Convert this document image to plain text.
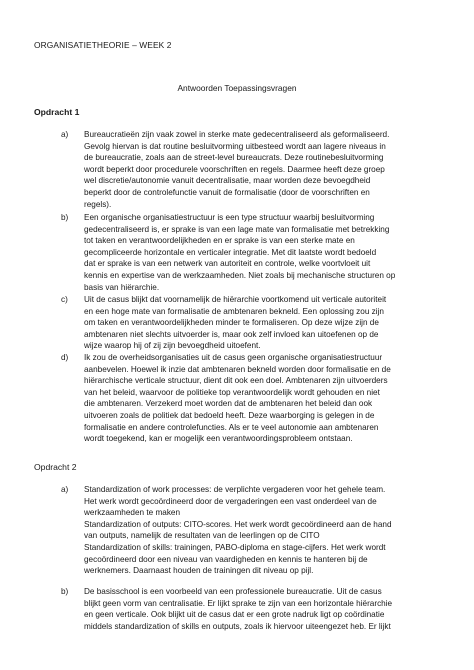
ORGANISATIETHEORIE – WEEK 2
Antwoorden Toepassingsvragen
Opdracht 1
a) Bureaucratieën zijn vaak zowel in sterke mate gedecentraliseerd als geformaliseerd.
Gevolg hiervan is dat routine besluitvorming uitbesteed wordt aan lagere niveaus in
de bureaucratie, zoals aan de street-level bureaucrats. Deze routinebesluitvorming
wordt beperkt door procedurele voorschriften en regels. Daarmee heeft deze groep
wel discretie/autonomie vanuit decentralisatie, maar worden deze bevoegdheid
beperkt door de controlefunctie vanuit de formalisatie (door de voorschriften en
regels).
b) Een organische organisatiestructuur is een type structuur waarbij besluitvorming
gedecentraliseerd is, er sprake is van een lage mate van formalisatie met betrekking
tot taken en verantwoordelijkheden en er sprake is van een sterke mate en
gecompliceerde horizontale en verticaler integratie. Met dit laatste wordt bedoeld
dat er sprake is van een netwerk van autoriteit en controle, welke voortvloeit uit
kennis en expertise van de werkzaamheden. Niet zoals bij mechanische structuren op
basis van hiërarchie.
c) Uit de casus blijkt dat voornamelijk de hiërarchie voortkomend uit verticale autoriteit
en een hoge mate van formalisatie de ambtenaren bekneld. Een oplossing zou zijn
om taken en verantwoordelijkheden minder te formaliseren. Op deze wijze zijn de
ambtenaren niet slechts uitvoerder is, maar ook zelf invloed kan uitoefenen op de
wijze waarop hij of zij zijn bevoegdheid uitoefent.
d) Ik zou de overheidsorganisaties uit de casus geen organische organisatiestructuur
aanbevelen. Hoewel ik inzie dat ambtenaren bekneld worden door formalisatie en de
hiërarchische verticale structuur, dient dit ook een doel. Ambtenaren zijn uitvoerders
van het beleid, waarvoor de politieke top verantwoordelijk wordt gehouden en niet
die ambtenaren. Verzekerd moet worden dat de ambtenaren het beleid dan ook
uitvoeren zoals de politiek dat bedoeld heeft. Deze waarborging is gelegen in de
formalisatie en andere controlefuncties. Als er te veel autonomie aan ambtenaren
wordt toegekend, kan er mogelijk een verantwoordingsprobleem ontstaan.
Opdracht 2
a) Standardization of work processes: de verplichte vergaderen voor het gehele team.
Het werk wordt gecoördineerd door de vergaderingen een vast onderdeel van de
werkzaamheden te maken
Standardization of outputs: CITO-scores. Het werk wordt gecoördineerd aan de hand
van outputs, namelijk de resultaten van de leerlingen op de CITO
Standardization of skills: trainingen, PABO-diploma en stage-cijfers. Het werk wordt
gecoördineerd door een niveau van vaardigheden en kennis te hanteren bij de
werknemers. Daarnaast houden de trainingen dit niveau op pijl.
b) De basisschool is een voorbeeld van een professionele bureaucratie. Uit de casus
blijkt geen vorm van centralisatie. Er lijkt sprake te zijn van een horizontale hiërarchie
en geen verticale. Ook blijkt uit de casus dat er een grote nadruk ligt op coördinatie
middels standardization of skills en outputs, zoals ik hiervoor uiteengezet heb. Er lijkt
